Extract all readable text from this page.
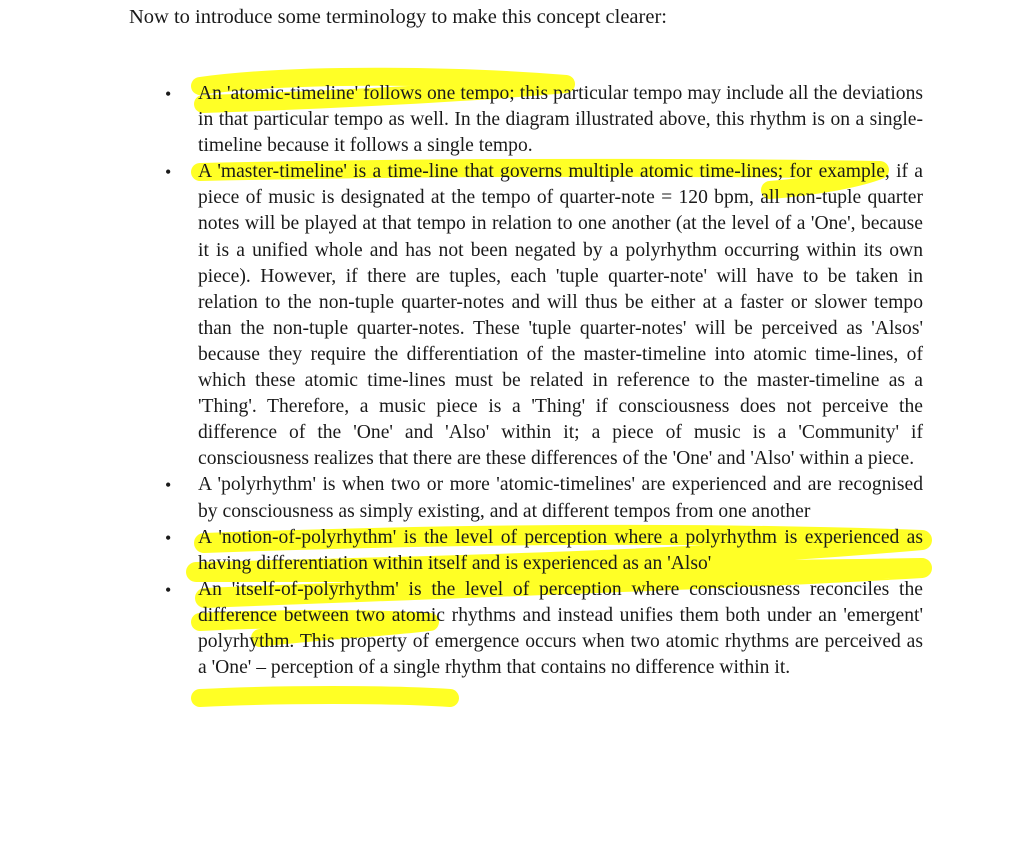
Now to introduce some terminology to make this concept clearer:
• An 'atomic-timeline' follows one tempo; this particular tempo may include all the deviations in that particular tempo as well. In the diagram illustrated above, this rhythm is on a single-timeline because it follows a single tempo.
• A 'master-timeline' is a time-line that governs multiple atomic time-lines; for example, if a piece of music is designated at the tempo of quarter-note = 120 bpm, all non-tuple quarter notes will be played at that tempo in relation to one another (at the level of a 'One', because it is a unified whole and has not been negated by a polyrhythm occurring within its own piece). However, if there are tuples, each 'tuple quarter-note' will have to be taken in relation to the non-tuple quarter-notes and will thus be either at a faster or slower tempo than the non-tuple quarter-notes. These 'tuple quarter-notes' will be perceived as 'Alsos' because they require the differentiation of the master-timeline into atomic time-lines, of which these atomic time-lines must be related in reference to the master-timeline as a 'Thing'. Therefore, a music piece is a 'Thing' if consciousness does not perceive the difference of the 'One' and 'Also' within it; a piece of music is a 'Community' if consciousness realizes that there are these differences of the 'One' and 'Also' within a piece.
• A 'polyrhythm' is when two or more 'atomic-timelines' are experienced and are recognised by consciousness as simply existing, and at different tempos from one another
• A 'notion-of-polyrhythm' is the level of perception where a polyrhythm is experienced as having differentiation within itself and is experienced as an 'Also'
• An 'itself-of-polyrhythm' is the level of perception where consciousness reconciles the difference between two atomic rhythms and instead unifies them both under an 'emergent' polyrhythm. This property of emergence occurs when two atomic rhythms are perceived as a 'One' – perception of a single rhythm that contains no difference within it.
